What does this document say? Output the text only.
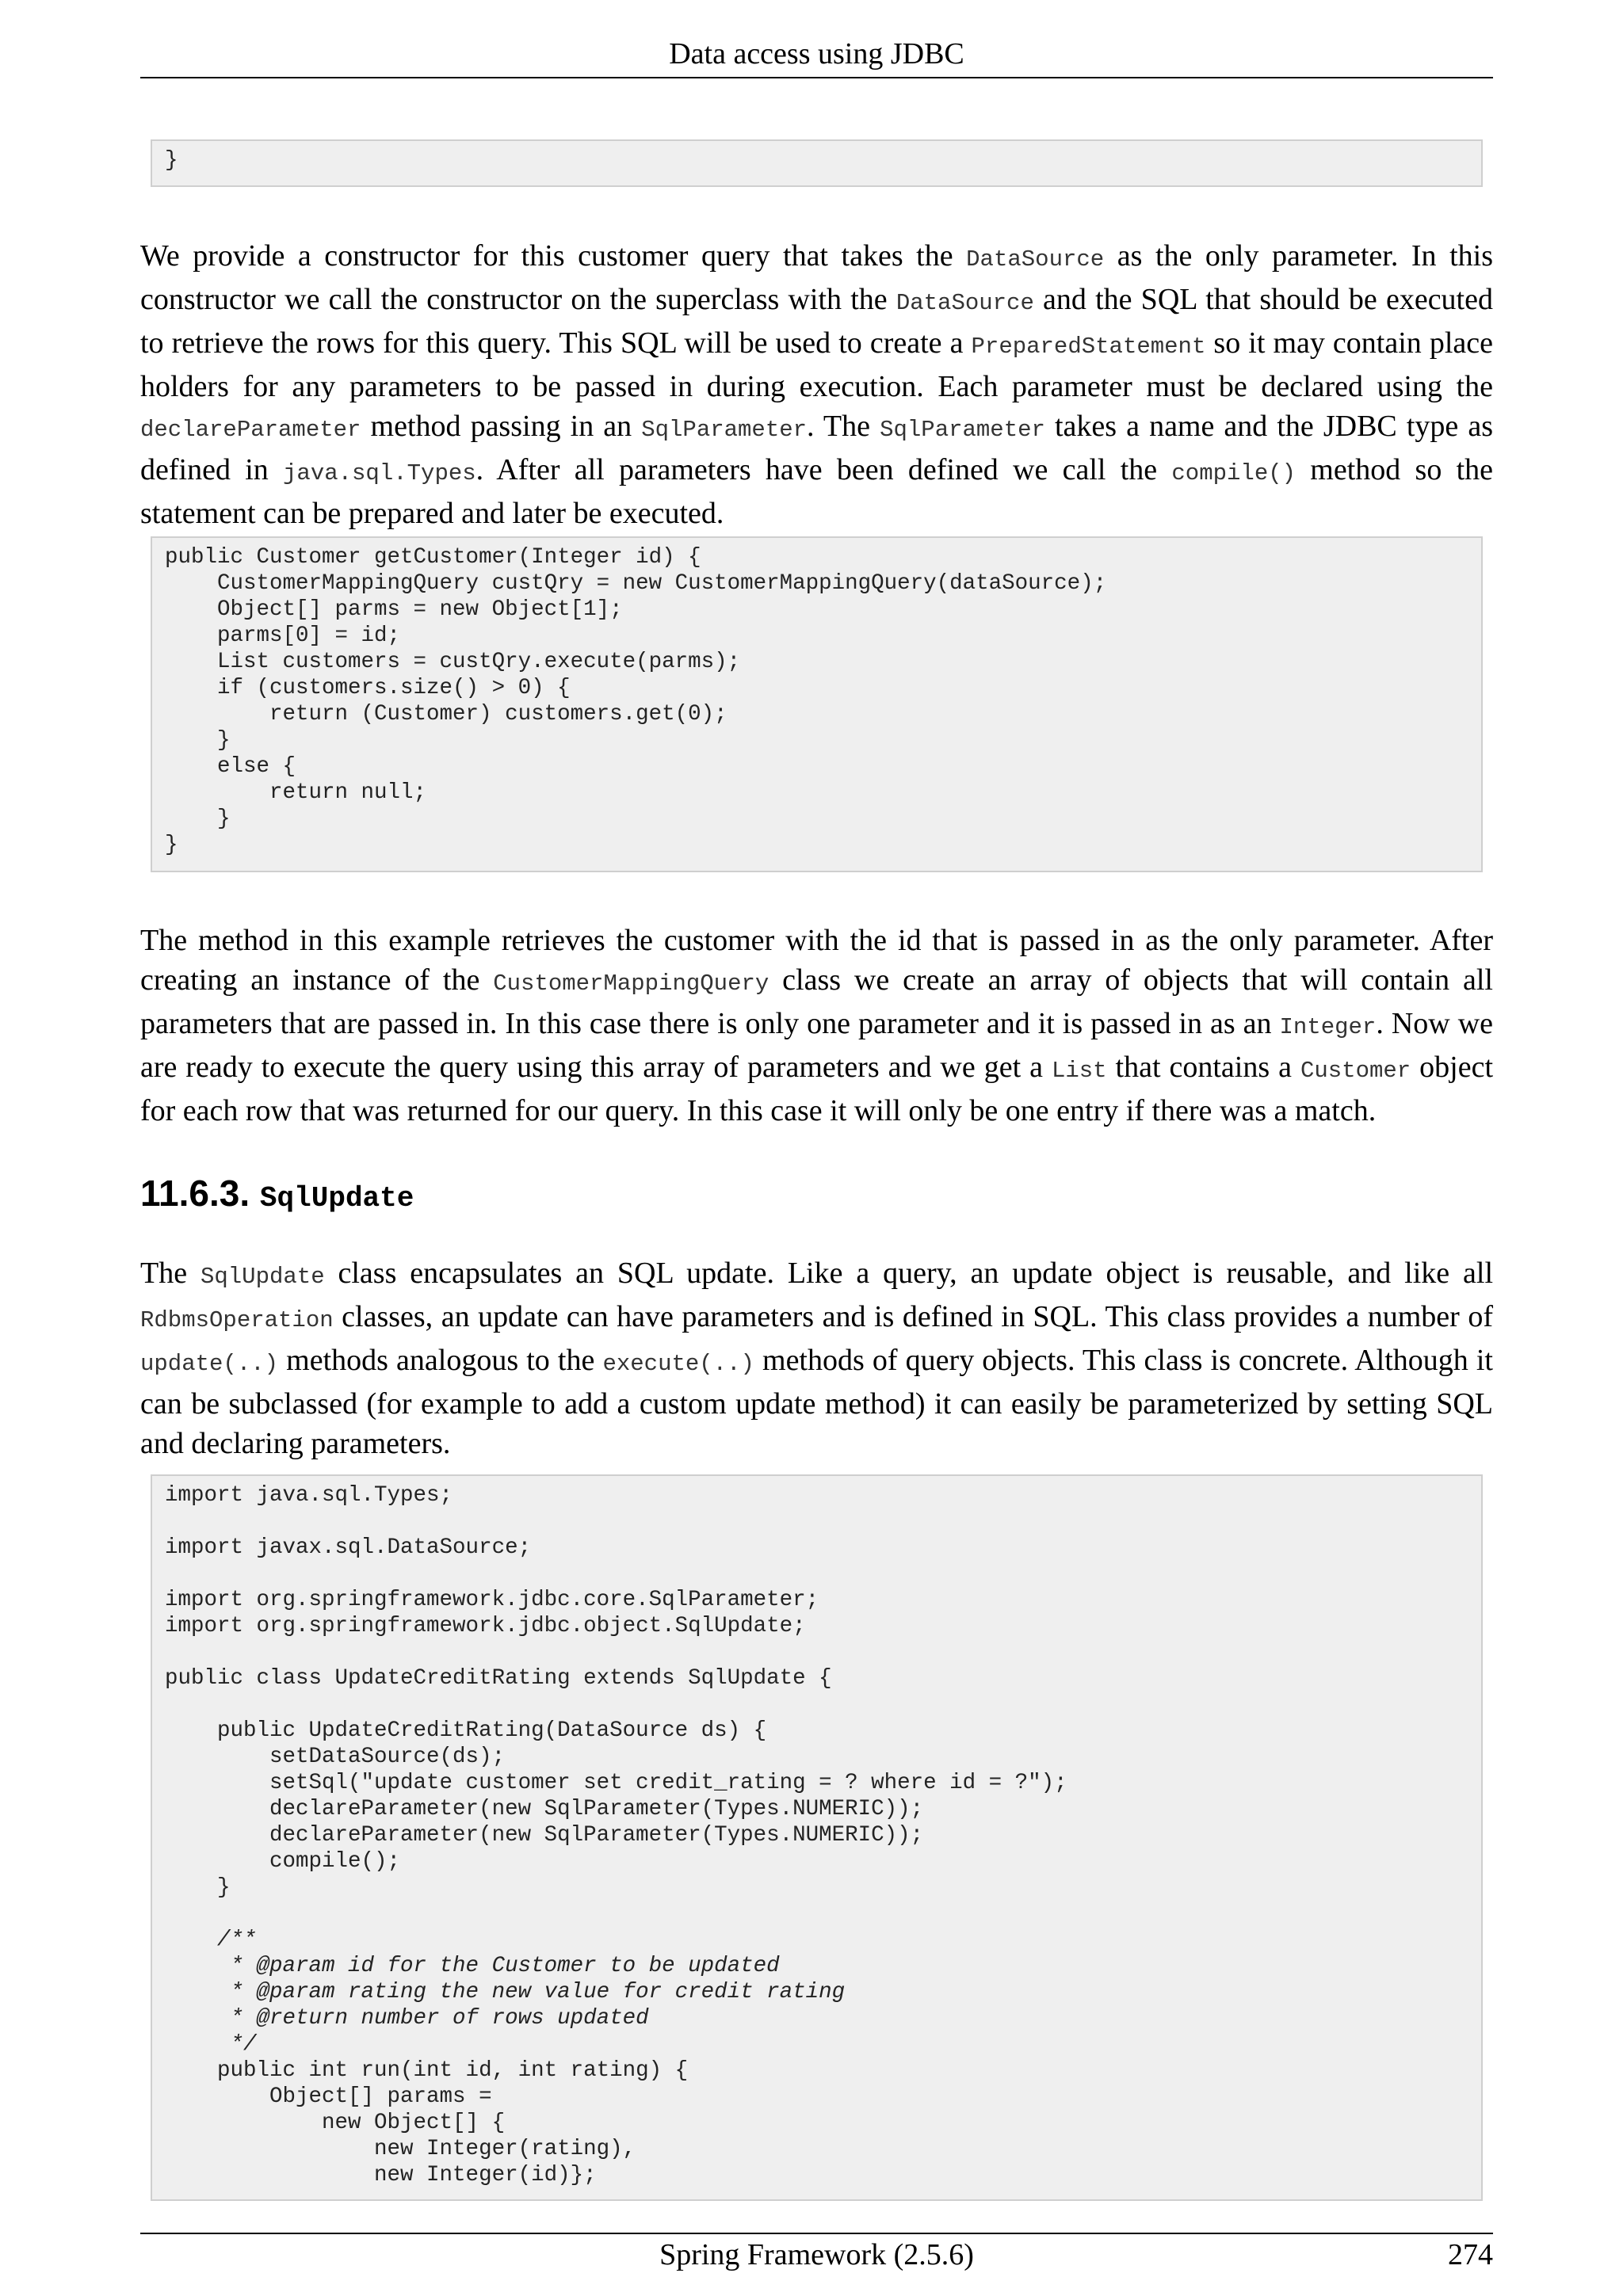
Data access using JDBC
}

We provide a constructor for this customer query that takes the DataSource as the only parameter. In this constructor we call the constructor on the superclass with the DataSource and the SQL that should be executed to retrieve the rows for this query. This SQL will be used to create a PreparedStatement so it may contain place holders for any parameters to be passed in during execution. Each parameter must be declared using the declareParameter method passing in an SqlParameter. The SqlParameter takes a name and the JDBC type as defined in java.sql.Types. After all parameters have been defined we call the compile() method so the statement can be prepared and later be executed.

public Customer getCustomer(Integer id) {
CustomerMappingQuery custQry = new CustomerMappingQuery(dataSource);
Object[] parms = new Object[1];
parms[0] = id;
List customers = custQry.execute(parms);
if (customers.size() > 0) {
return (Customer) customers.get(0);
}
else {
return null;
}
}

The method in this example retrieves the customer with the id that is passed in as the only parameter. After creating an instance of the CustomerMappingQuery class we create an array of objects that will contain all parameters that are passed in. In this case there is only one parameter and it is passed in as an Integer. Now we are ready to execute the query using this array of parameters and we get a List that contains a Customer object for each row that was returned for our query. In this case it will only be one entry if there was a match.

11.6.3. SqlUpdate

The SqlUpdate class encapsulates an SQL update. Like a query, an update object is reusable, and like all RdbmsOperation classes, an update can have parameters and is defined in SQL. This class provides a number of update(..) methods analogous to the execute(..) methods of query objects. This class is concrete. Although it can be subclassed (for example to add a custom update method) it can easily be parameterized by setting SQL and declaring parameters.

import java.sql.Types;

import javax.sql.DataSource;

import org.springframework.jdbc.core.SqlParameter;
import org.springframework.jdbc.object.SqlUpdate;

public class UpdateCreditRating extends SqlUpdate {

public UpdateCreditRating(DataSource ds) {
setDataSource(ds);
setSql("update customer set credit_rating = ? where id = ?");
declareParameter(new SqlParameter(Types.NUMERIC));
declareParameter(new SqlParameter(Types.NUMERIC));
compile();
}

/**
* @param id for the Customer to be updated
* @param rating the new value for credit rating
* @return number of rows updated
*/
public int run(int id, int rating) {
Object[] params =
new Object[] {
new Integer(rating),
new Integer(id)};
Spring Framework (2.5.6)	274
